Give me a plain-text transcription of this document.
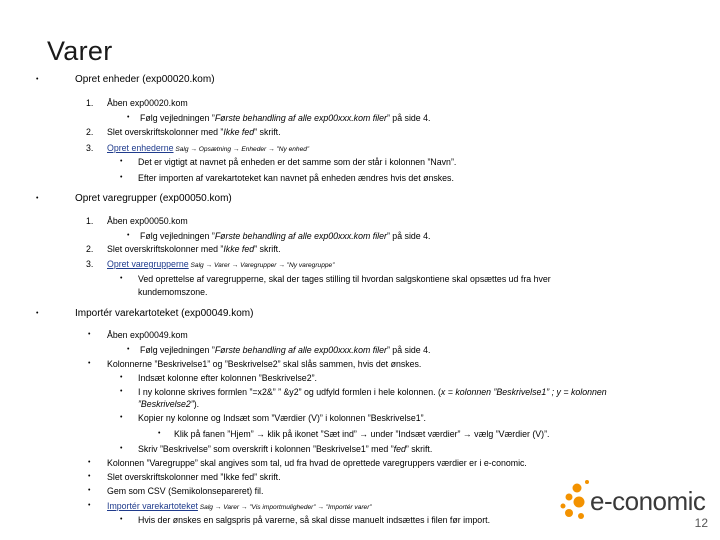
Varer
•	Opret enheder (exp00020.kom)
1. Åben exp00020.kom
• Følg vejledningen ”Første behandling af alle exp00xxx.kom filer” på side 4.
2. Slet overskriftskolonner med ”Ikke fed” skrift.
3. Opret enhederne Salg → Opsætning → Enheder → ”Ny enhed”
• Det er vigtigt at navnet på enheden er det samme som der står i kolonnen ”Navn”.
• Efter importen af varekartoteket kan navnet på enheden ændres hvis det ønskes.
•	Opret varegrupper (exp00050.kom)
1. Åben exp00050.kom
• Følg vejledningen ”Første behandling af alle exp00xxx.kom filer” på side 4.
2. Slet overskriftskolonner med ”Ikke fed” skrift.
3. Opret varegrupperne Salg → Varer → Varegrupper → ”Ny varegruppe”
• Ved oprettelse af varegrupperne, skal der tages stilling til hvordan salgskontiene skal opsættes ud fra hver
kundemomszone.
•	Importér varekartoteket (exp00049.kom)
• Åben exp00049.kom
• Følg vejledningen ”Første behandling af alle exp00xxx.kom filer” på side 4.
• Kolonnerne ”Beskrivelse1” og ”Beskrivelse2” skal slås sammen, hvis det ønskes.
• Indsæt kolonne efter kolonnen ”Beskrivelse2”.
• I ny kolonne skrives formlen ”=x2&” ” &y2” og udfyld formlen i hele kolonnen. (x = kolonnen ”Beskrivelse1” ; y = kolonnen
”Beskrivelse2”).
• Kopier ny kolonne og Indsæt som ”Værdier (V)” i kolonnen ”Beskrivelse1”.
• Klik på fanen ”Hjem” → klik på ikonet ”Sæt ind” → under ”Indsæt værdier” → vælg ”Værdier (V)”.
• Skriv ”Beskrivelse” som overskrift i kolonnen ”Beskrivelse1” med ”fed” skrift.
• Kolonnen ”Varegruppe” skal angives som tal, ud fra hvad de oprettede varegruppers værdier er i e-conomic.
• Slet overskriftskolonner med ”Ikke fed” skrift.
• Gem som CSV (Semikolonsepareret) fil.
• Importér varekartoteket Salg → Varer → ”Vis importmuligheder” → ”Importér varer”
• Hvis der ønskes en salgspris på varerne, så skal disse manuelt indsættes i filen før import.
e-conomic
12
